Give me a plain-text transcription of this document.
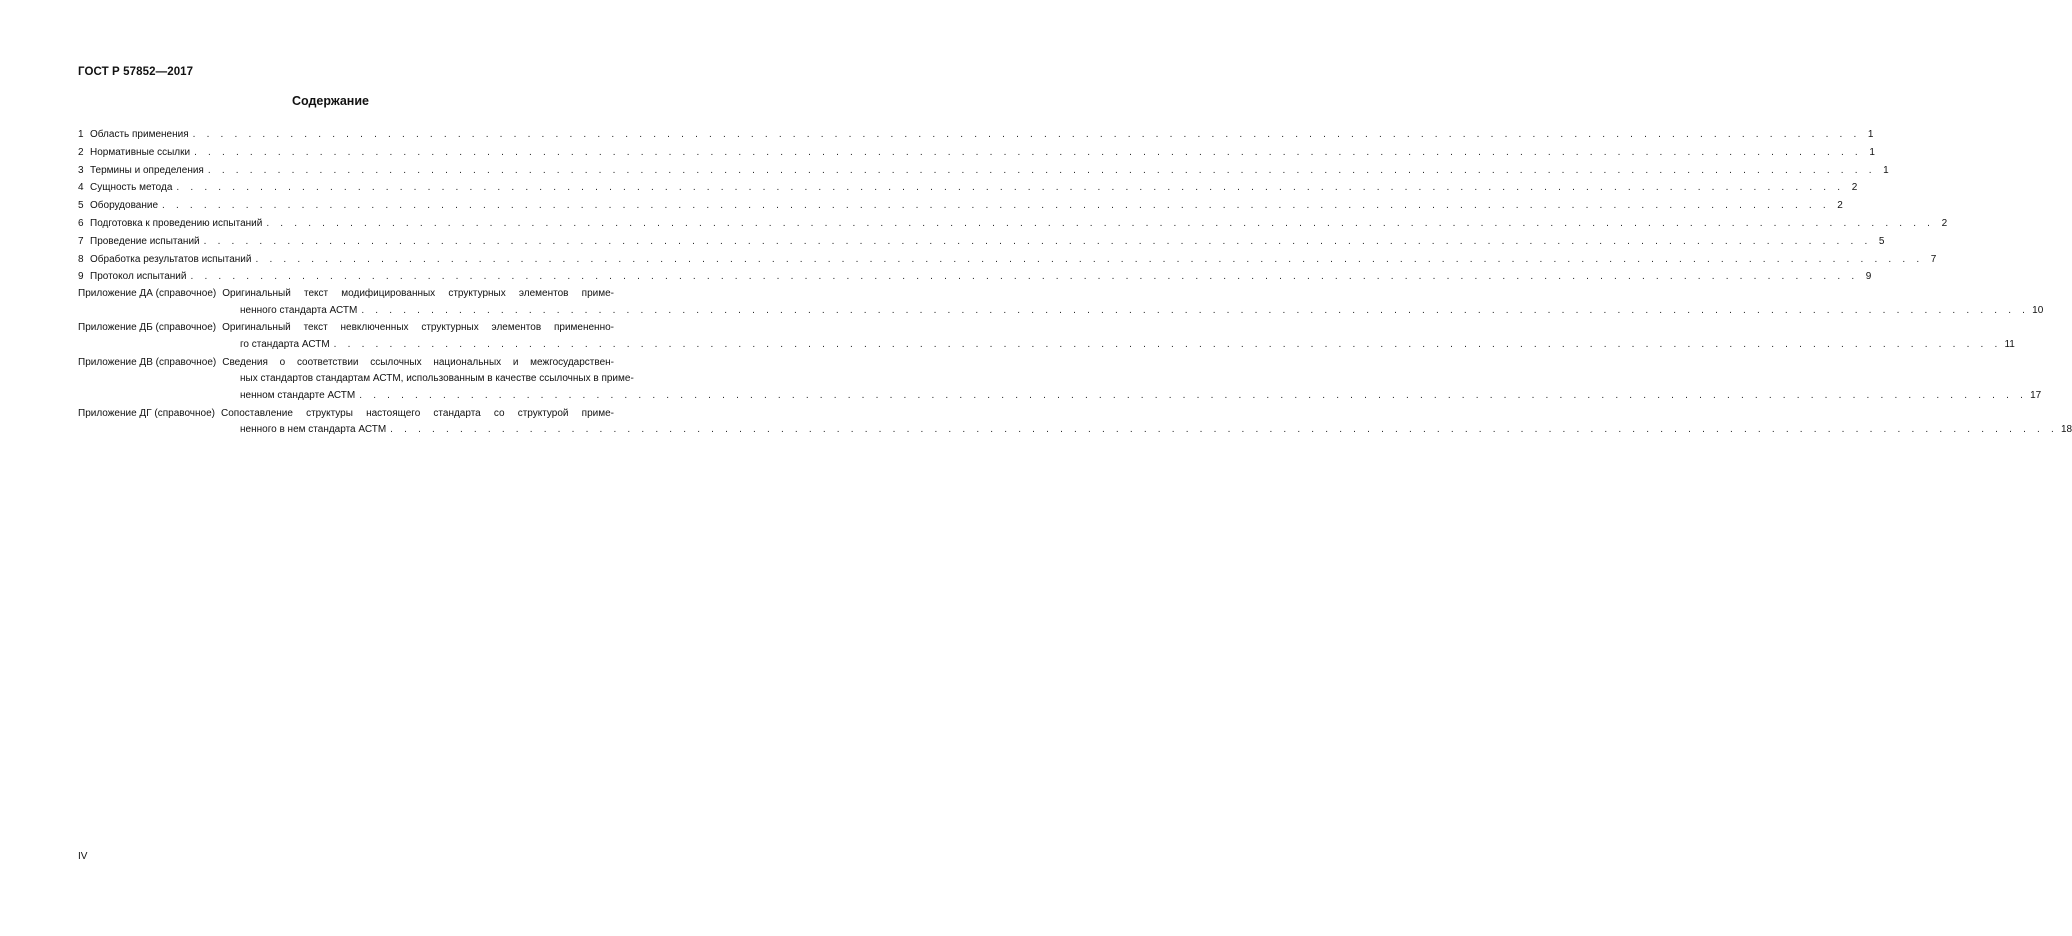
ГОСТ Р 57852—2017
Содержание
1 Область применения . . . . . . . . . . . . . . . . . . . . . . . . . . . . . . . . . . . . . . . . . . . . . . . . . . . . . . . . . . . . . . . . . . . . . . . . . . . . . . . . . . . . . . . . . . . . . . . . . . . . . . . . . . . . . . . . . . . . . . . . 1
2 Нормативные ссылки . . . . . . . . . . . . . . . . . . . . . . . . . . . . . . . . . . . . . . . . . . . . . . . . . . . . . . . . . . . . . . . . . . . . . . . . . . . . . . . . . . . . . . . . . . . . . . . . . . . . . . . . . . . . . . . . . . . . . . . . 1
3 Термины и определения . . . . . . . . . . . . . . . . . . . . . . . . . . . . . . . . . . . . . . . . . . . . . . . . . . . . . . . . . . . . . . . . . . . . . . . . . . . . . . . . . . . . . . . . . . . . . . . . . . . . . . . . . . . . . . . . . . . . . . . . 1
4 Сущность метода . . . . . . . . . . . . . . . . . . . . . . . . . . . . . . . . . . . . . . . . . . . . . . . . . . . . . . . . . . . . . . . . . . . . . . . . . . . . . . . . . . . . . . . . . . . . . . . . . . . . . . . . . . . . . . . . . . . . . . . . 2
5 Оборудование . . . . . . . . . . . . . . . . . . . . . . . . . . . . . . . . . . . . . . . . . . . . . . . . . . . . . . . . . . . . . . . . . . . . . . . . . . . . . . . . . . . . . . . . . . . . . . . . . . . . . . . . . . . . . . . . . . . . . . . . 2
6 Подготовка к проведению испытаний . . . . . . . . . . . . . . . . . . . . . . . . . . . . . . . . . . . . . . . . . . . . . . . . . . . . . . . . . . . . . . . . . . . . . . . . . . . . . . . . . . . . . . . . . . . . . . . . . . . . . . . . . . . . . . . . . . . . . . . . 2
7 Проведение испытаний . . . . . . . . . . . . . . . . . . . . . . . . . . . . . . . . . . . . . . . . . . . . . . . . . . . . . . . . . . . . . . . . . . . . . . . . . . . . . . . . . . . . . . . . . . . . . . . . . . . . . . . . . . . . . . . . . . . . . . . . 5
8 Обработка результатов испытаний . . . . . . . . . . . . . . . . . . . . . . . . . . . . . . . . . . . . . . . . . . . . . . . . . . . . . . . . . . . . . . . . . . . . . . . . . . . . . . . . . . . . . . . . . . . . . . . . . . . . . . . . . . . . . . . . . . . . . . . . 7
9 Протокол испытаний . . . . . . . . . . . . . . . . . . . . . . . . . . . . . . . . . . . . . . . . . . . . . . . . . . . . . . . . . . . . . . . . . . . . . . . . . . . . . . . . . . . . . . . . . . . . . . . . . . . . . . . . . . . . . . . . . . . . . . . . 9
Приложение ДА (справочное) Оригинальный текст модифицированных структурных элементов приме-
ненного стандарта АСТМ . . . . . . . . . . . . . . . . . . . . . . . . . . . . . . . . . . . . . . . . . . . . . . . . . . . . . . . . . . . . . . . . . . . . . . . . . . . . . . . . . . . . . . . . . . . . . . . . . . . . . . . . . . . . . . . . . . . . . . . . 10
Приложение ДБ (справочное) Оригинальный текст невключенных структурных элементов примененно-
го стандарта АСТМ . . . . . . . . . . . . . . . . . . . . . . . . . . . . . . . . . . . . . . . . . . . . . . . . . . . . . . . . . . . . . . . . . . . . . . . . . . . . . . . . . . . . . . . . . . . . . . . . . . . . . . . . . . . . . . . . . . . . . . . . 11
Приложение ДВ (справочное) Сведения о соответствии ссылочных национальных и межгосударствен-
ных стандартов стандартам АСТМ, использованным в качестве ссылочных в приме-
ненном стандарте АСТМ . . . . . . . . . . . . . . . . . . . . . . . . . . . . . . . . . . . . . . . . . . . . . . . . . . . . . . . . . . . . . . . . . . . . . . . . . . . . . . . . . . . . . . . . . . . . . . . . . . . . . . . . . . . . . . . . . . . . . . . . 17
Приложение ДГ (справочное) Сопоставление структуры настоящего стандарта со структурой приме-
ненного в нем стандарта АСТМ . . . . . . . . . . . . . . . . . . . . . . . . . . . . . . . . . . . . . . . . . . . . . . . . . . . . . . . . . . . . . . . . . . . . . . . . . . . . . . . . . . . . . . . . . . . . . . . . . . . . . . . . . . . . . . . . . . . . . . . . 18
IV
